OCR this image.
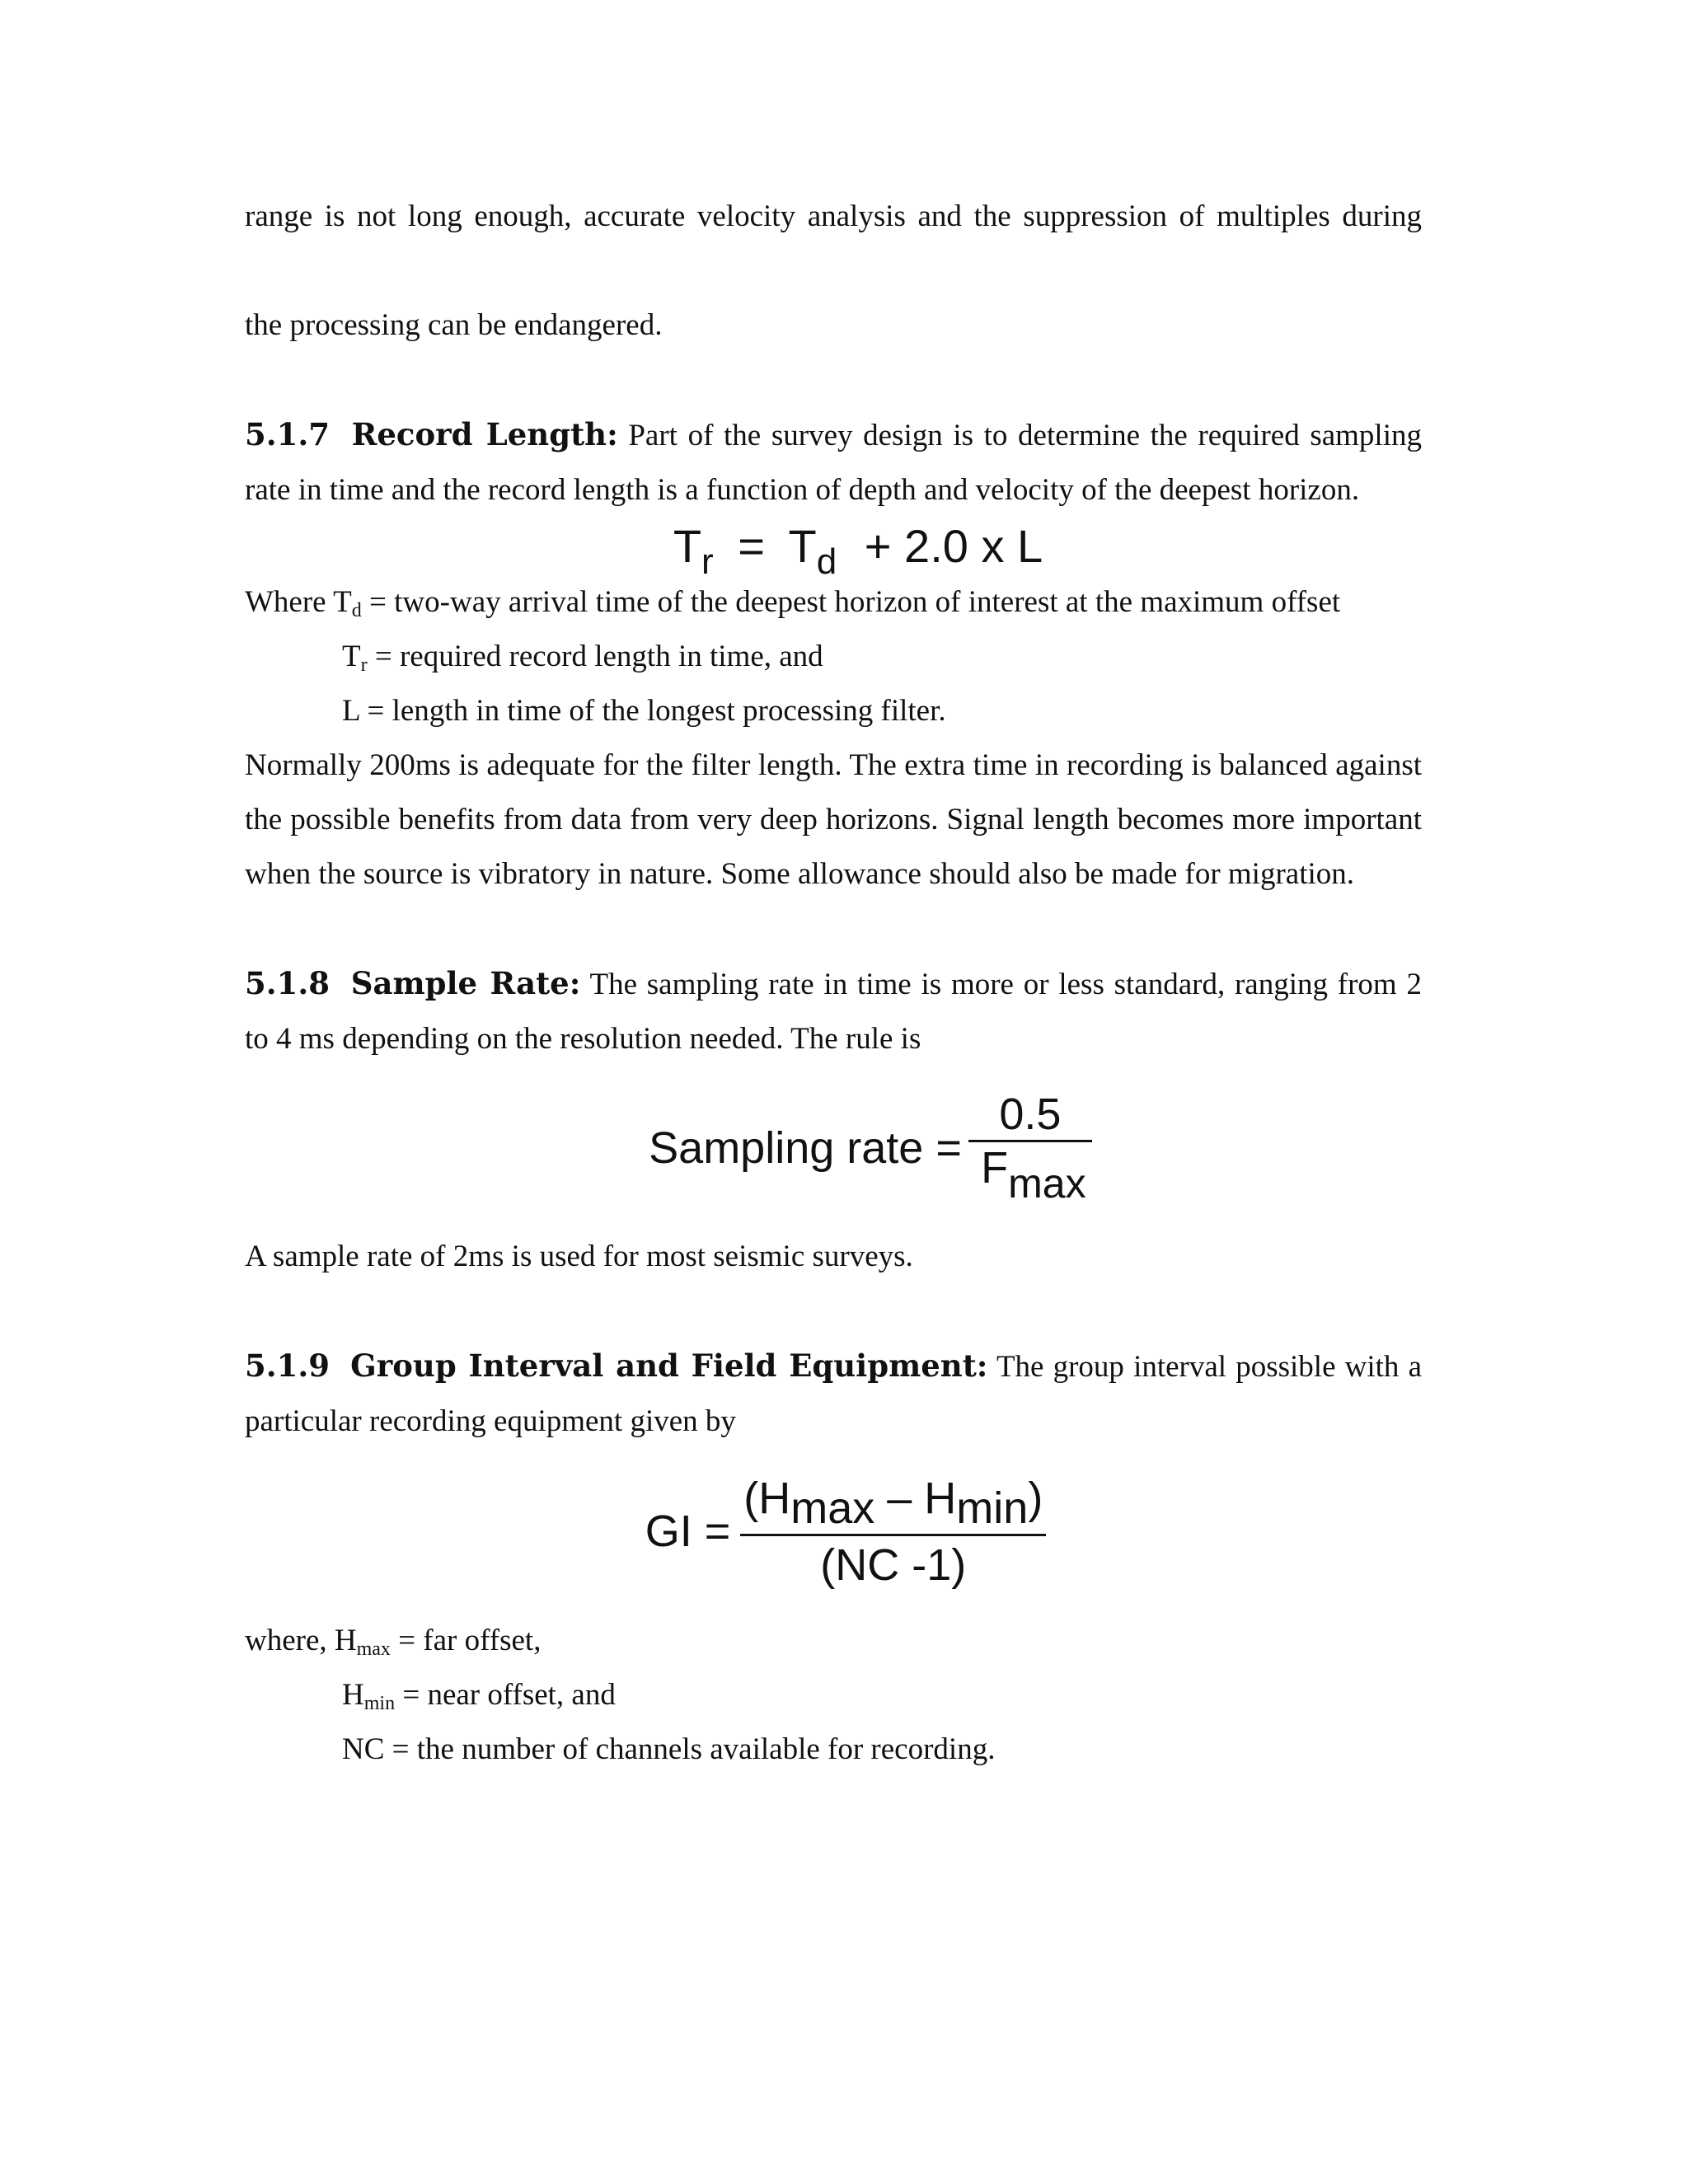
range is not long enough, accurate velocity analysis and the suppression of multiples during

the processing can be endangered.

5.1.7 Record Length: Part of the survey design is to determine the required sampling rate in time and the record length is a function of depth and velocity of the deepest horizon.

$T_r = T_d + 2.0$ x L

Where $T_d = two-way$ arrival time of the deepest horizon of interest at the maximum offset

$T_r$ = required record length in time, and

L = length in time of the longest processing filter.

Normally 200ms is adequate for the filter length. The extra time in recording is balanced against the possible benefits from data from very deep horizons. Signal length becomes more important when the source is vibratory in nature. Some allowance should also be made for migration.

5.1.8 Sample Rate: The sampling rate in time is more or less standard, ranging from 2 to 4 ms depending on the resolution needed. The rule is

Sampling rate = $\frac{0.5}{Fmax}$

A sample rate of 2ms is used for most seismic surveys.

5.1.9 Group Interval and Field Equipment: The group interval possible with a particular recording equipment given by

GI = $\frac{(Hmax - Hmin)}{(NC -1)}$

where, $H_{max}$ = far offset,

$H_{min}$ = near offset, and

NC = the number of channels available for recording.
